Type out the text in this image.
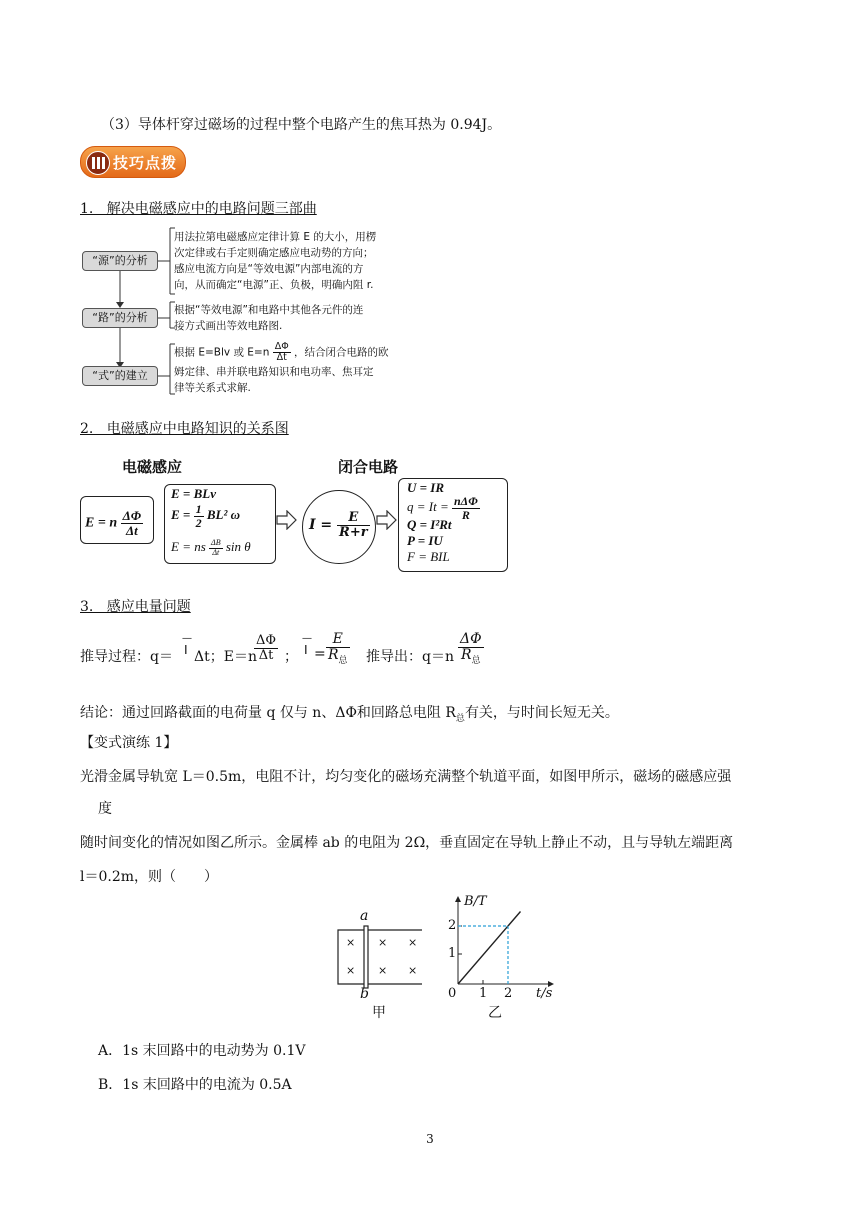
（3）导体杆穿过磁场的过程中整个电路产生的焦耳热为 0.94J。
技巧点拨
1.   解决电磁感应中的电路问题三部曲
“源”的分析
“路”的分析
“式”的建立
用法拉第电磁感应定律计算 E 的大小，用楞
次定律或右手定则确定感应电动势的方向；
感应电流方向是“等效电源”内部电流的方
向，从而确定“电源”正、负极，明确内阻 r.
根据“等效电源”和电路中其他各元件的连
接方式画出等效电路图.
根据 E=Blv 或 $E=n \frac{\Delta\Phi}{\Delta t}$ ，结合闭合电路的欧
姆定律、串并联电路知识和电功率、焦耳定
律等关系式求解.
2.   电磁感应中电路知识的关系图
电磁感应	闭合电路
E = n $\frac{\Delta\Phi}{\Delta t}$
E = BLv
$E = \frac{1}{2} BL^2$ ω
E = ns $\frac{\Delta B}{\Delta t}$ sin θ
$I = \frac{E}{R+r}$
U = IR
$q = It = \frac{\text{nΔΦ}}{R}$
Q = I²Rt
P = IU
F = BIL
3.   感应电量问题
推导过程：q＝
—
I Δt；E＝n
$\frac{\Delta\Phi}{\Delta t}$ ；
—
I =
E
$R_总$ 推导出：q＝n
ΔΦ
$R_总$
结论：通过回路截面的电荷量 q 仅与 n、ΔΦ和回路总电阻 $R_总$有关，与时间长短无关。
【变式演练 1】
光滑金属导轨宽 L＝0.5m，电阻不计，均匀变化的磁场充满整个轨道平面，如图甲所示，磁场的磁感应强
度
随时间变化的情况如图乙所示。金属棒 ab 的电阻为 2Ω，垂直固定在导轨上静止不动，且与导轨左端距离
l＝0.2m，则（　　）
a
b
× × ×
× × ×
甲
B/T
t/s
0
1
2
1 2
乙
A．1s 末回路中的电动势为 0.1V
B．1s 末回路中的电流为 0.5A
3
